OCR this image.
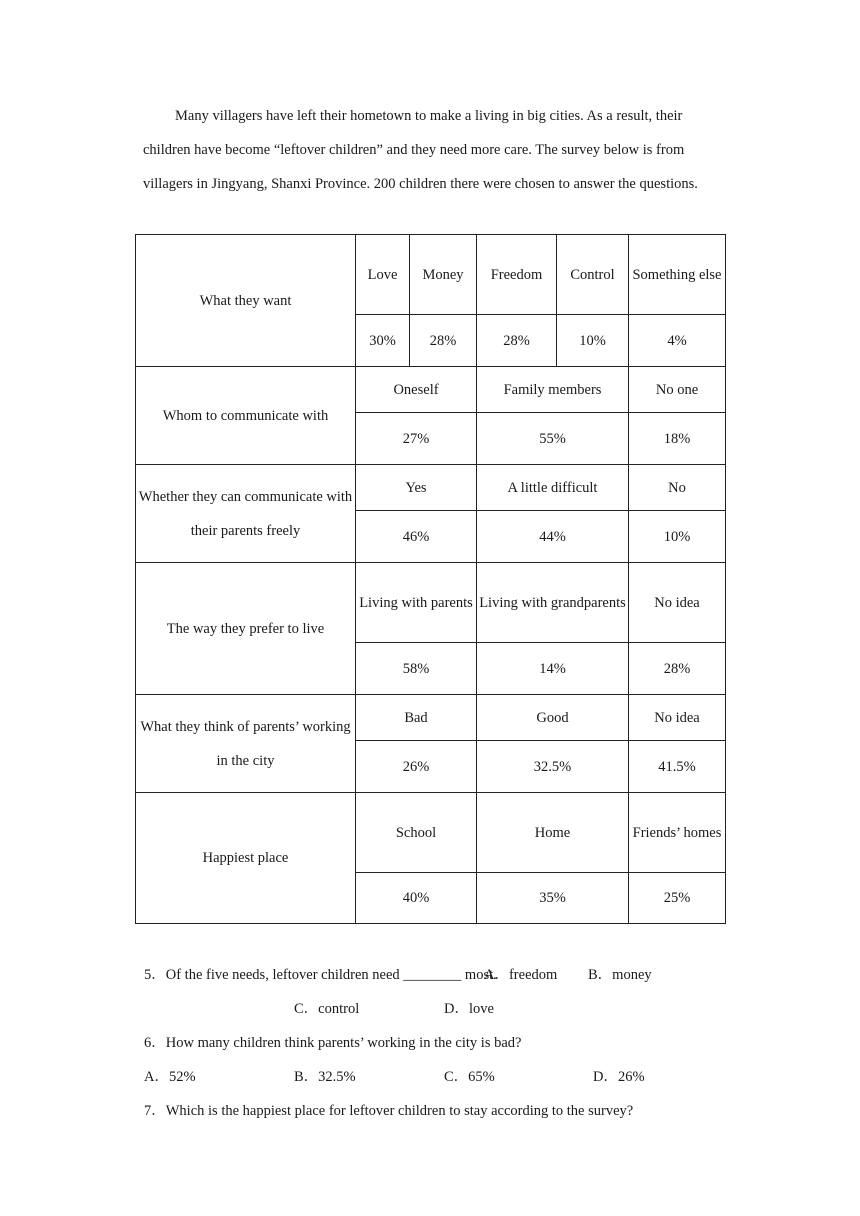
Many villagers have left their hometown to make a living in big cities. As a result, their children have become “leftover children” and they need more care. The survey below is from villagers in Jingyang, Shanxi Province. 200 children there were chosen to answer the questions.

What they want	Love	Money	Freedom	Control	Something else
	30%	28%	28%	10%	4%
Whom to communicate with	Oneself		Family members		No one
	27%		55%		18%
Whether they can communicate with their parents freely	Yes		A little difficult		No
	46%		44%		10%
The way they prefer to live	Living with parents		Living with grandparents		No idea
	58%		14%		28%
What they think of parents’ working in the city	Bad		Good		No idea
	26%		32.5%		41.5%
Happiest place	School		Home		Friends’ homes
	40%		35%		25%
5．Of the five needs, leftover children need ________ most.
A．freedom B．money
C．control	D．love
6．How many children think parents’ working in the city is bad?
A．52%	B．32.5%	C．65%	D．26%
7．Which is the happiest place for leftover children to stay according to the survey?
